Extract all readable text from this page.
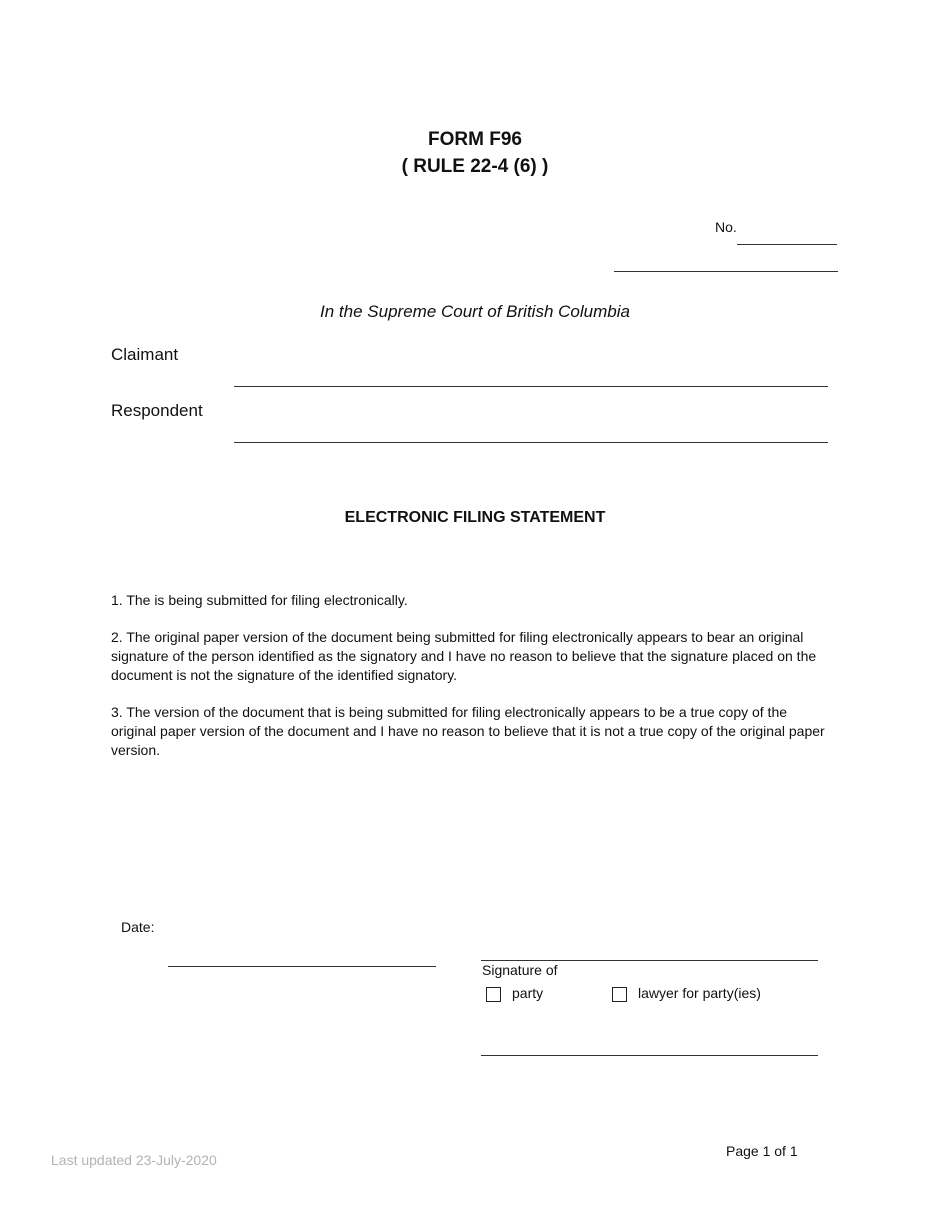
FORM F96
( RULE 22-4 (6) )
No.
In the Supreme Court of British Columbia
Claimant
Respondent
ELECTRONIC FILING STATEMENT

1. The is being submitted for filing electronically.

2. The original paper version of the document being submitted for filing electronically appears to bear an original signature of the person identified as the signatory and I have no reason to believe that the signature placed on the document is not the signature of the identified signatory.

3. The version of the document that is being submitted for filing electronically appears to be a true copy of the original paper version of the document and I have no reason to believe that it is not a true copy of the original paper version.

Date:
Signature of
party	lawyer for party(ies)
Page 1 of 1
Last updated 23-July-2020
